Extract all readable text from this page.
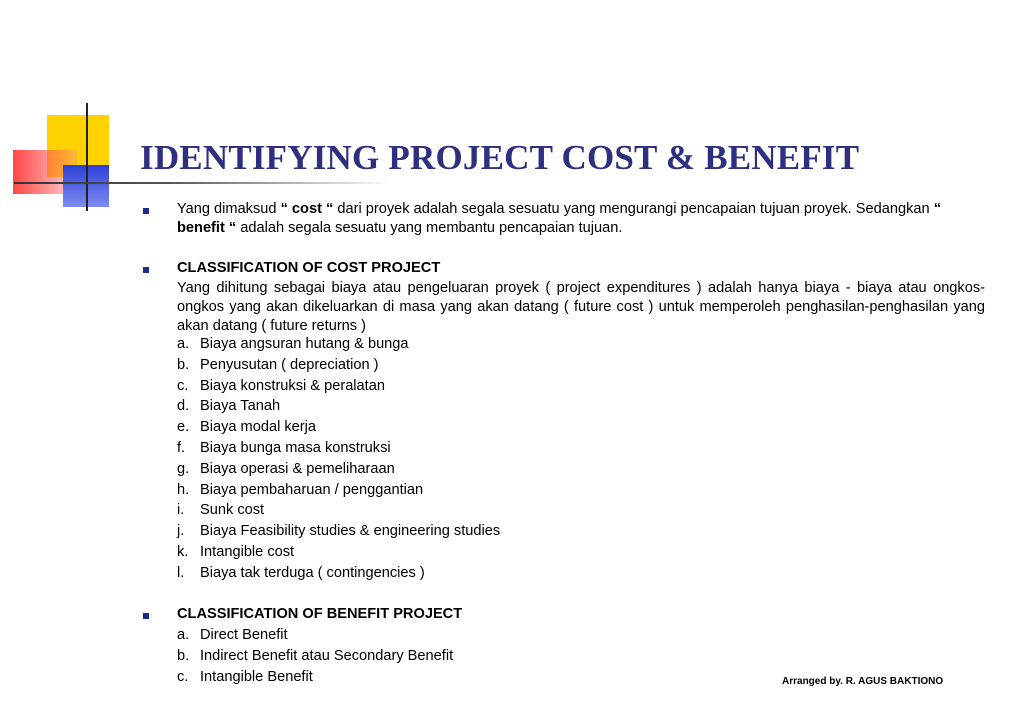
IDENTIFYING PROJECT COST & BENEFIT
Yang dimaksud “ cost “ dari proyek adalah segala sesuatu yang mengurangi pencapaian tujuan proyek. Sedangkan “ benefit “ adalah segala sesuatu yang membantu pencapaian tujuan.
CLASSIFICATION OF COST PROJECT
Yang dihitung sebagai biaya atau pengeluaran proyek ( project expenditures ) adalah hanya biaya - biaya atau ongkos-ongkos yang akan dikeluarkan di masa yang akan datang ( future cost ) untuk memperoleh penghasilan-penghasilan yang akan datang ( future returns )
a. Biaya angsuran hutang & bunga
b. Penyusutan ( depreciation )
c. Biaya konstruksi & peralatan
d. Biaya Tanah
e. Biaya modal kerja
f. Biaya bunga masa konstruksi
g. Biaya operasi & pemeliharaan
h. Biaya pembaharuan / penggantian
i. Sunk cost
j. Biaya Feasibility studies & engineering studies
k. Intangible cost
l. Biaya tak terduga ( contingencies )
CLASSIFICATION OF BENEFIT PROJECT
a. Direct Benefit
b. Indirect Benefit atau Secondary Benefit
c. Intangible Benefit	Arranged by. R. AGUS BAKTIONO
